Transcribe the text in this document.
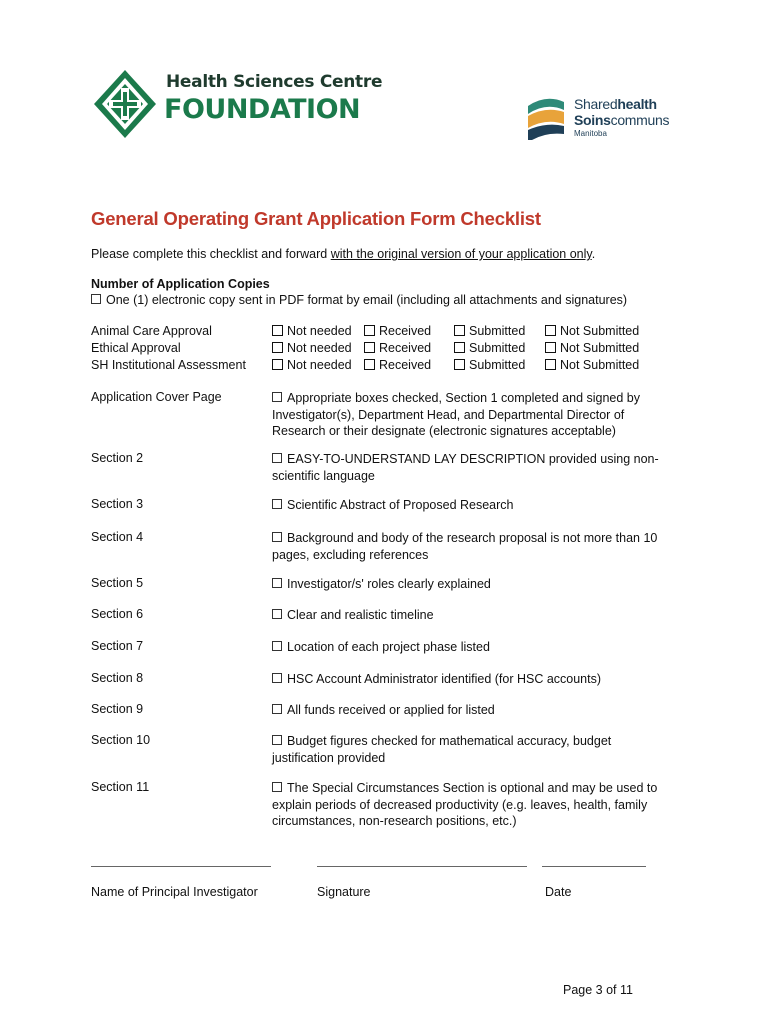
Health Sciences Centre
FOUNDATION	Sharedhealth
Soinscommuns
Manitoba
General Operating Grant Application Form Checklist
Please complete this checklist and forward with the original version of your application only.
Number of Application Copies
One (1) electronic copy sent in PDF format by email (including all attachments and signatures)
Animal Care Approval	Not needed	Received	Submitted	Not Submitted
Ethical Approval	Not needed	Received	Submitted	Not Submitted
SH Institutional Assessment	Not needed	Received	Submitted	Not Submitted
Application Cover Page	Appropriate boxes checked, Section 1 completed and signed by Investigator(s), Department Head, and Departmental Director of Research or their designate (electronic signatures acceptable)
Section 2	EASY-TO-UNDERSTAND LAY DESCRIPTION provided using non-scientific language
Section 3	Scientific Abstract of Proposed Research
Section 4	Background and body of the research proposal is not more than 10 pages, excluding references
Section 5	Investigator/s' roles clearly explained
Section 6	Clear and realistic timeline
Section 7	Location of each project phase listed
Section 8	HSC Account Administrator identified (for HSC accounts)
Section 9	All funds received or applied for listed
Section 10	Budget figures checked for mathematical accuracy, budget justification provided
Section 11	The Special Circumstances Section is optional and may be used to explain periods of decreased productivity (e.g. leaves, health, family circumstances, non-research positions, etc.)
Name of Principal Investigator	Signature	Date
Page 3 of 11
